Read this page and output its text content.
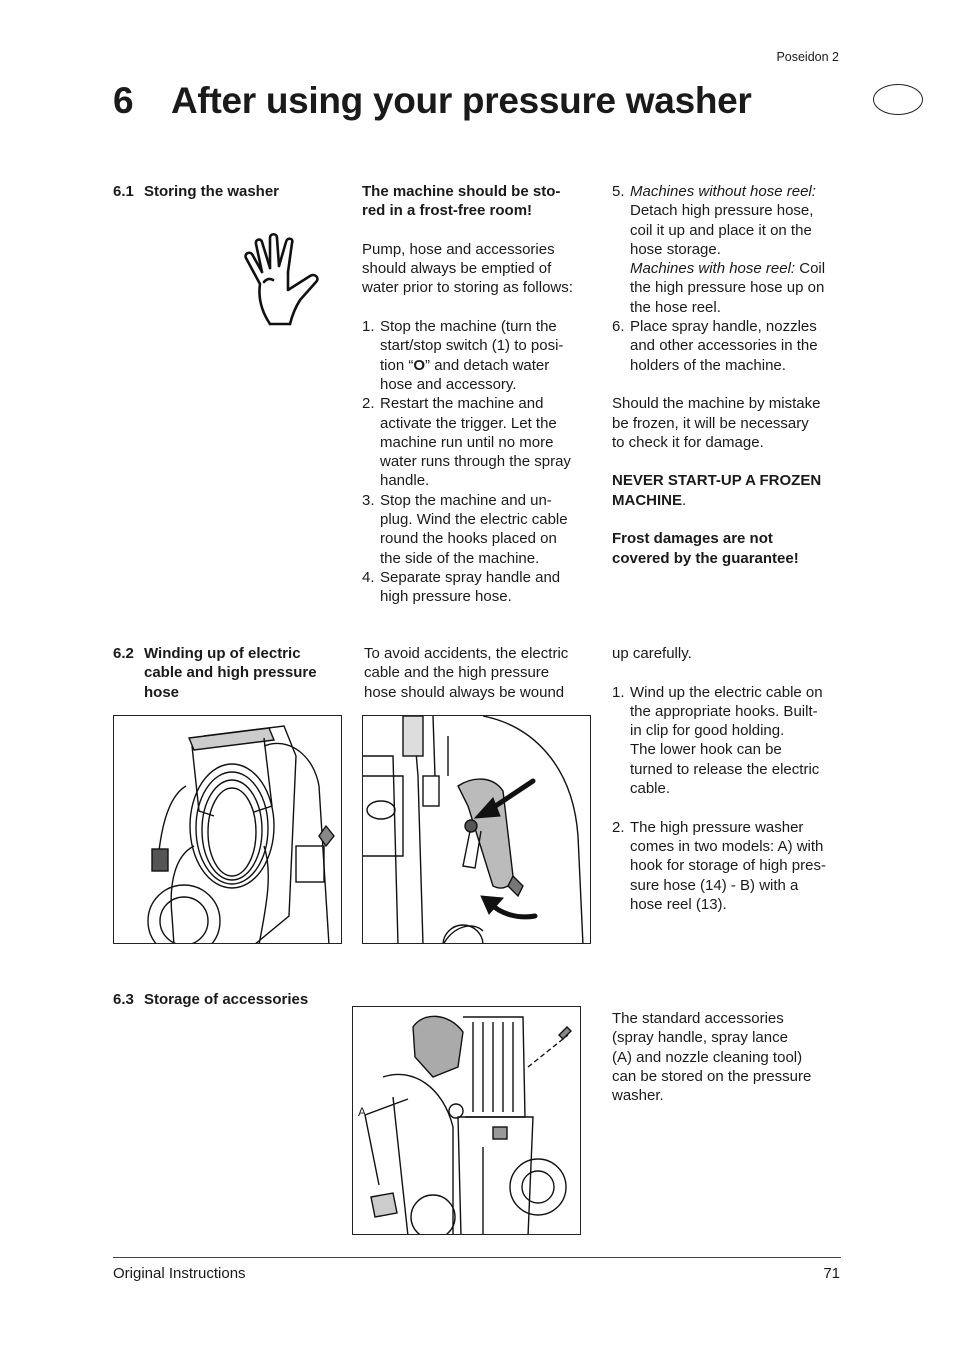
Poseidon 2
6 After using your pressure washer
6.1 Storing the washer	The machine should be sto-

red in a frost-free room!

Pump, hose and accessories

should always be emptied of

water prior to storing as follows:

1. Stop the machine (turn the
start/stop switch (1) to posi-
tion “O” and detach water
hose and accessory.
2. Restart the machine and
activate the trigger. Let the
machine run until no more
water runs through the spray
handle.
3. Stop the machine and un-
plug. Wind the electric cable
round the hooks placed on
the side of the machine.
4. Separate spray handle and
high pressure hose.
5. Machines without hose reel:
Detach high pressure hose,
coil it up and place it on the
hose storage.
Machines with hose reel: Coil
the high pressure hose up on
the hose reel.
6. Place spray handle, nozzles
and other accessories in the
holders of the machine.

Should the machine by mistake

be frozen, it will be necessary

to check it for damage.

NEVER START-UP A FROZEN

MACHINE.

Frost damages are not

covered by the guarantee!

6.2 Winding up of electric
cable and high pressure
hose

To avoid accidents, the electric

cable and the high pressure

hose should always be wound

up carefully.

1. Wind up the electric cable on
the appropriate hooks. Built-
in clip for good holding.
The lower hook can be
turned to release the electric
cable.
2. The high pressure washer
comes in two models: A) with
hook for storage of high pres-
sure hose (14) - B) with a
hose reel (13).
6.3 Storage of accessories
A

The standard accessories

(spray handle, spray lance

(A) and nozzle cleaning tool)

can be stored on the pressure

washer.

Original Instructions	71
